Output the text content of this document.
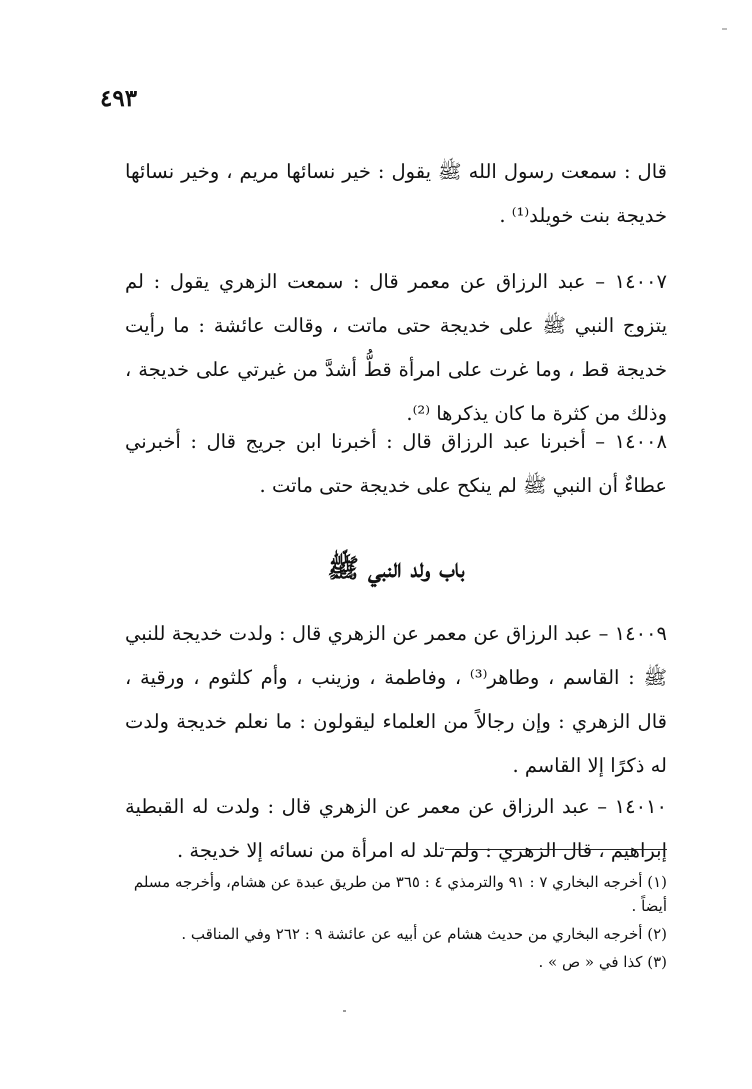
٤٩٣

قال : سمعت رسول الله ﷺ يقول : خير نسائها مريم ، وخير نسائها خديجة بنت خويلد⁽¹⁾ .

١٤٠٠٧ – عبد الرزاق عن معمر قال : سمعت الزهري يقول : لم يتزوج النبي ﷺ على خديجة حتى ماتت ، وقالت عائشة : ما رأيت خديجة قط ، وما غرت على امرأة قطُّ أشدَّ من غيرتي على خديجة ، وذلك من كثرة ما كان يذكرها ⁽²⁾.

١٤٠٠٨ – أخبرنا عبد الرزاق قال : أخبرنا ابن جريج قال : أخبرني عطاءٌ أن النبي ﷺ لم ينكح على خديجة حتى ماتت .

باب ولد النبي ﷺ

١٤٠٠٩ – عبد الرزاق عن معمر عن الزهري قال : ولدت خديجة للنبي ﷺ : القاسم ، وطاهر⁽³⁾ ، وفاطمة ، وزينب ، وأم كلثوم ، ورقية ، قال الزهري : وإن رجالاً من العلماء ليقولون : ما نعلم خديجة ولدت له ذكرًا إلا القاسم .

١٤٠١٠ – عبد الرزاق عن معمر عن الزهري قال : ولدت له القبطية إبراهيم ، قال الزهري : ولم تلد له امرأة من نسائه إلا خديجة .

(١) أخرجه البخاري ٧ : ٩١ والترمذي ٤ : ٣٦٥ من طريق عبدة عن هشام، وأخرجه مسلم أيضاً .

(٢) أخرجه البخاري من حديث هشام عن أبيه عن عائشة ٩ : ٢٦٢ وفي المناقب .

(٣) كذا في « ص » .
